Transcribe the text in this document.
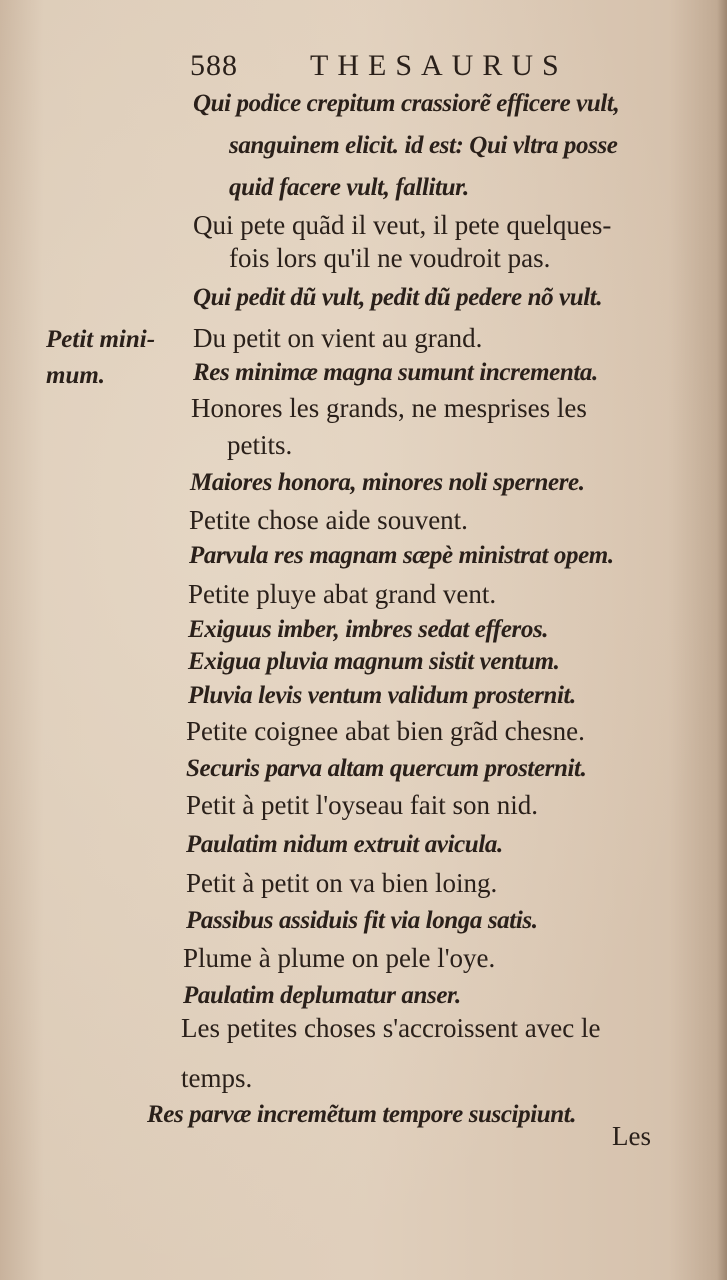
588 THESAURUS
Petit mini-
mum.
Qui podice crepitum crassiorẽ efficere vult,
sanguinem elicit. id est: Qui vltra posse
quid facere vult, fallitur.
Qui pete quãd il veut, il pete quelques-
fois lors qu'il ne voudroit pas.
Qui pedit dũ vult, pedit dũ pedere nõ vult.
Du petit on vient au grand.
Res minimæ magna sumunt incrementa.
Honores les grands, ne mesprises les
petits.
Maiores honora, minores noli spernere.
Petite chose aide souvent.
Parvula res magnam sæpè ministrat opem.
Petite pluye abat grand vent.
Exiguus imber, imbres sedat efferos.
Exigua pluvia magnum sistit ventum.
Pluvia levis ventum validum prosternit.
Petite coignee abat bien grãd chesne.
Securis parva altam quercum prosternit.
Petit à petit l'oyseau fait son nid.
Paulatim nidum extruit avicula.
Petit à petit on va bien loing.
Passibus assiduis fit via longa satis.
Plume à plume on pele l'oye.
Paulatim deplumatur anser.
Les petites choses s'accroissent avec le
temps.
Res parvæ incremẽtum tempore suscipiunt.
Les
